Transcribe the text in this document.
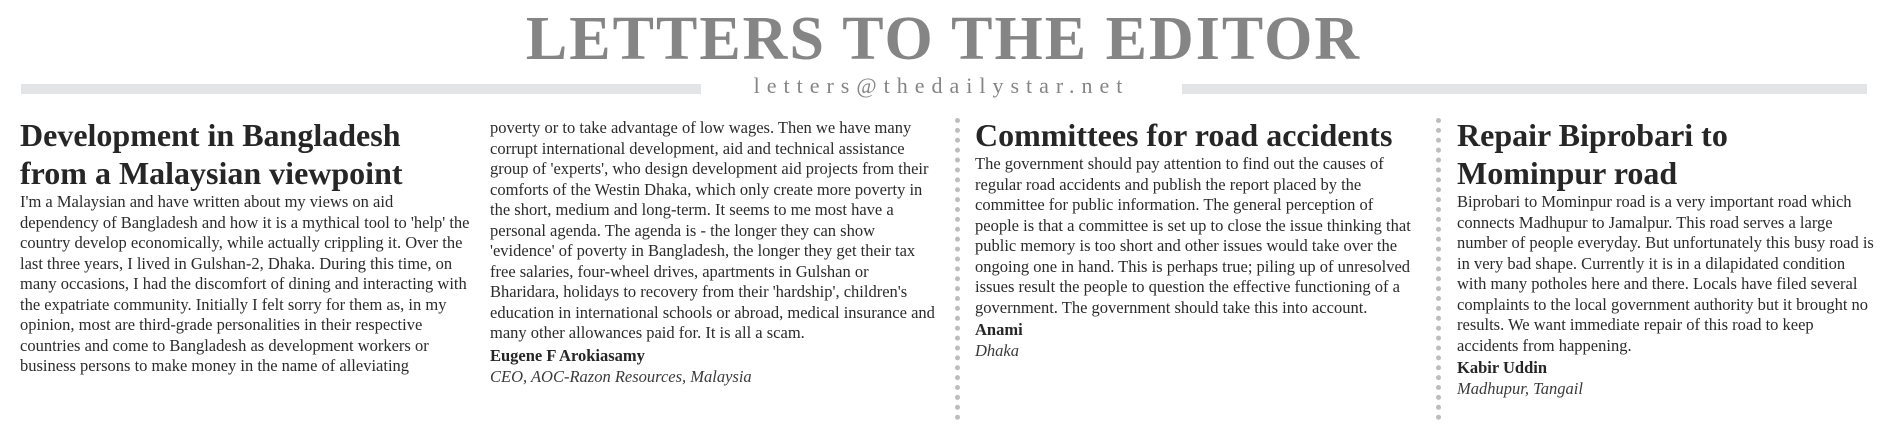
LETTERS TO THE EDITOR
letters@thedailystar.net
Development in Bangladesh from a Malaysian viewpoint

I'm a Malaysian and have written about my views on aid dependency of Bangladesh and how it is a mythical tool to 'help' the country develop economically, while actually crippling it. Over the last three years, I lived in Gulshan-2, Dhaka. During this time, on many occasions, I had the discomfort of dining and interacting with the expatriate community. Initially I felt sorry for them as, in my opinion, most are third-grade personalities in their respective countries and come to Bangladesh as development workers or business persons to make money in the name of alleviating

poverty or to take advantage of low wages. Then we have many corrupt international development, aid and technical assistance group of 'experts', who design development aid projects from their comforts of the Westin Dhaka, which only create more poverty in the short, medium and long-term. It seems to me most have a personal agenda. The agenda is - the longer they can show 'evidence' of poverty in Bangladesh, the longer they get their tax free salaries, four-wheel drives, apartments in Gulshan or Bharidara, holidays to recovery from their 'hardship', children's education in international schools or abroad, medical insurance and many other allowances paid for. It is all a scam.

Eugene F Arokiasamy

CEO, AOC-Razon Resources, Malaysia

Committees for road accidents

The government should pay attention to find out the causes of regular road accidents and publish the report placed by the committee for public information. The general perception of people is that a committee is set up to close the issue thinking that public memory is too short and other issues would take over the ongoing one in hand. This is perhaps true; piling up of unresolved issues result the people to question the effective functioning of a government. The government should take this into account.

Anami

Dhaka

Repair Biprobari to Mominpur road

Biprobari to Mominpur road is a very important road which connects Madhupur to Jamalpur. This road serves a large number of people everyday. But unfortunately this busy road is in very bad shape. Currently it is in a dilapidated condition with many potholes here and there. Locals have filed several complaints to the local government authority but it brought no results. We want immediate repair of this road to keep accidents from happening.

Kabir Uddin

Madhupur, Tangail
